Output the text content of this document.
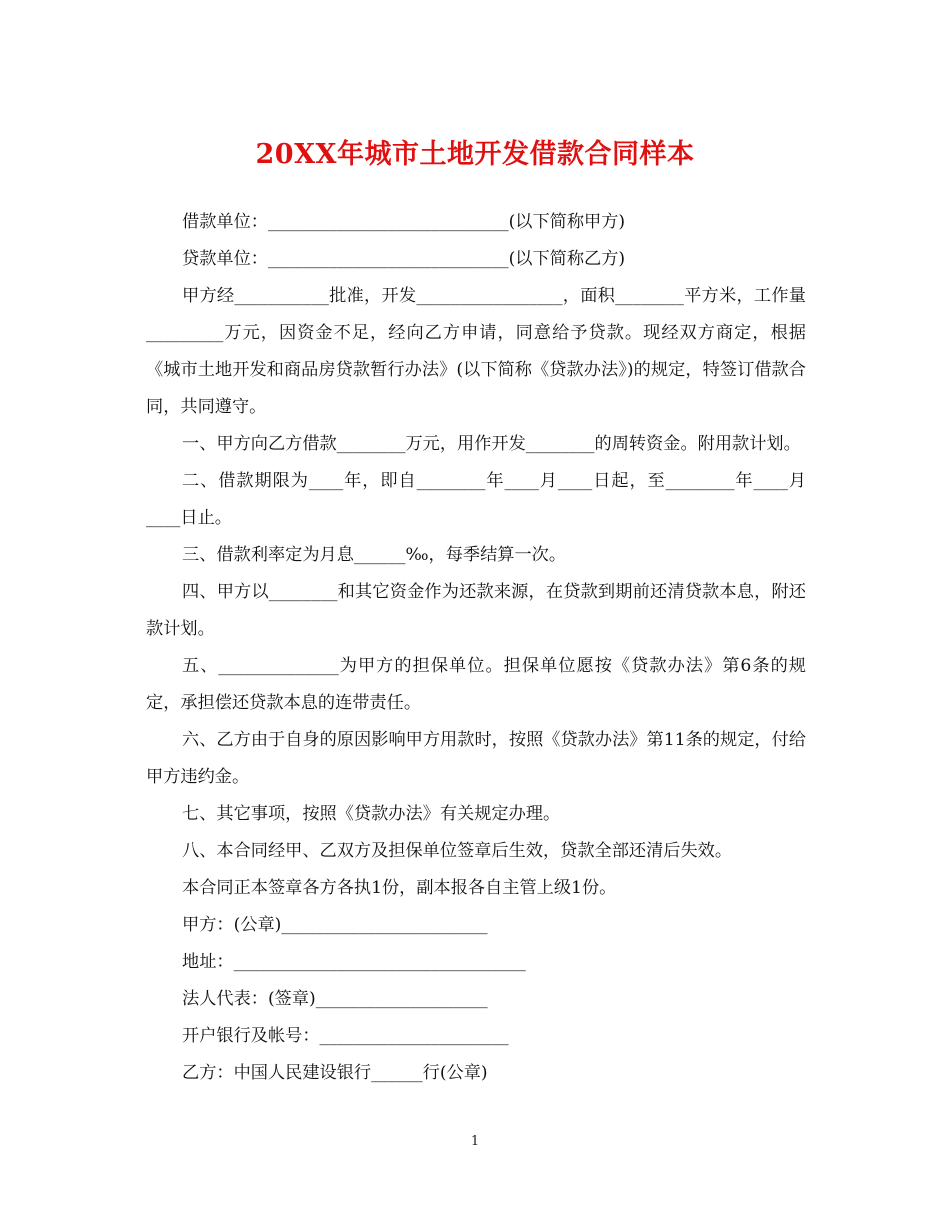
20XX年城市土地开发借款合同样本

借款单位：____________________________(以下简称甲方)

贷款单位：____________________________(以下简称乙方)

甲方经___________批准，开发_________________，面积________平方米，工作量_________万元，因资金不足，经向乙方申请，同意给予贷款。现经双方商定，根据《城市土地开发和商品房贷款暂行办法》(以下简称《贷款办法》)的规定，特签订借款合同，共同遵守。

一、甲方向乙方借款________万元，用作开发________的周转资金。附用款计划。

二、借款期限为____年，即自________年____月____日起，至________年____月____日止。

三、借款利率定为月息______‰，每季结算一次。

四、甲方以________和其它资金作为还款来源，在贷款到期前还清贷款本息，附还款计划。

五、______________为甲方的担保单位。担保单位愿按《贷款办法》第6条的规定，承担偿还贷款本息的连带责任。

六、乙方由于自身的原因影响甲方用款时，按照《贷款办法》第11条的规定，付给甲方违约金。

七、其它事项，按照《贷款办法》有关规定办理。

八、本合同经甲、乙双方及担保单位签章后生效，贷款全部还清后失效。

本合同正本签章各方各执1份，副本报各自主管上级1份。

甲方：(公章)________________________

地址：__________________________________

法人代表：(签章)____________________

开户银行及帐号：______________________

乙方：中国人民建设银行______行(公章)

1
